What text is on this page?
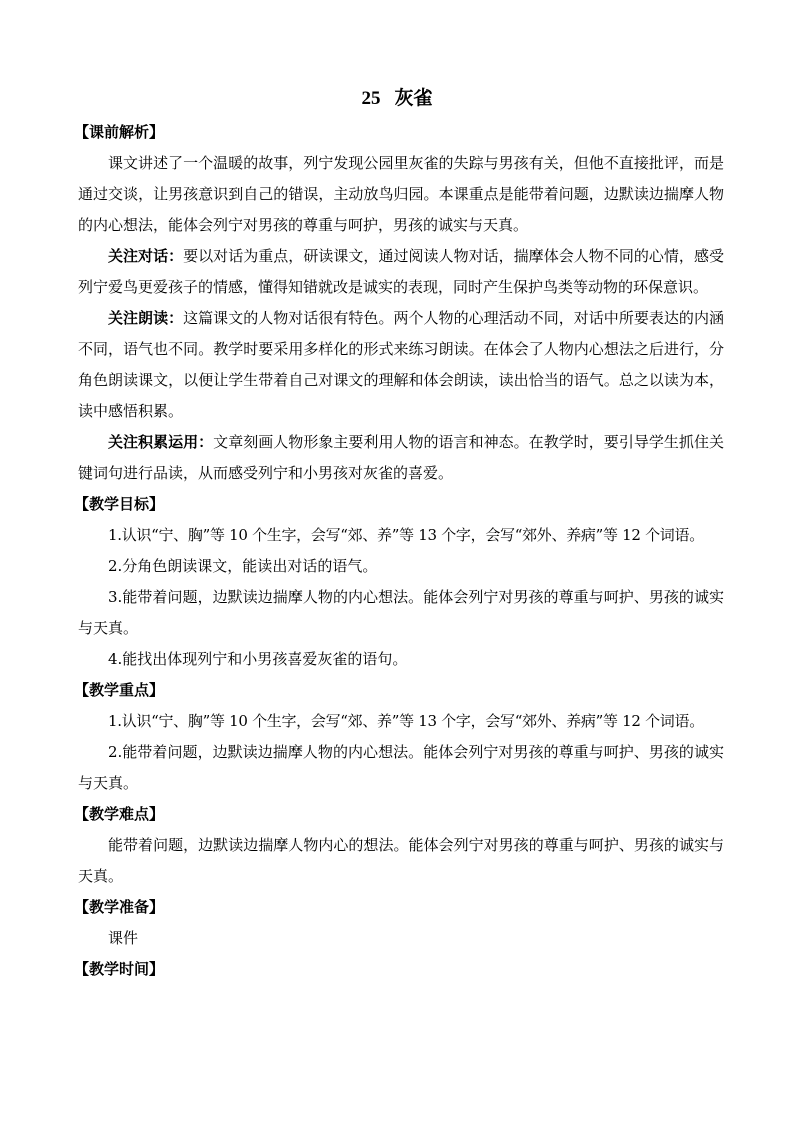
25 灰雀
【课前解析】

课文讲述了一个温暖的故事，列宁发现公园里灰雀的失踪与男孩有关，但他不直接批评，而是通过交谈，让男孩意识到自己的错误，主动放鸟归园。本课重点是能带着问题，边默读边揣摩人物的内心想法，能体会列宁对男孩的尊重与呵护，男孩的诚实与天真。

关注对话：要以对话为重点，研读课文，通过阅读人物对话，揣摩体会人物不同的心情，感受列宁爱鸟更爱孩子的情感，懂得知错就改是诚实的表现，同时产生保护鸟类等动物的环保意识。

关注朗读：这篇课文的人物对话很有特色。两个人物的心理活动不同，对话中所要表达的内涵不同，语气也不同。教学时要采用多样化的形式来练习朗读。在体会了人物内心想法之后进行，分角色朗读课文，以便让学生带着自己对课文的理解和体会朗读，读出恰当的语气。总之以读为本，读中感悟积累。

关注积累运用：文章刻画人物形象主要利用人物的语言和神态。在教学时，要引导学生抓住关键词句进行品读，从而感受列宁和小男孩对灰雀的喜爱。

【教学目标】

1.认识“宁、胸”等 10 个生字，会写“郊、养”等 13 个字，会写“郊外、养病”等 12 个词语。

2.分角色朗读课文，能读出对话的语气。

3.能带着问题，边默读边揣摩人物的内心想法。能体会列宁对男孩的尊重与呵护、男孩的诚实与天真。

4.能找出体现列宁和小男孩喜爱灰雀的语句。

【教学重点】

1.认识“宁、胸”等 10 个生字，会写“郊、养”等 13 个字，会写“郊外、养病”等 12 个词语。

2.能带着问题，边默读边揣摩人物的内心想法。能体会列宁对男孩的尊重与呵护、男孩的诚实与天真。

【教学难点】

能带着问题，边默读边揣摩人物内心的想法。能体会列宁对男孩的尊重与呵护、男孩的诚实与天真。

【教学准备】

课件

【教学时间】
